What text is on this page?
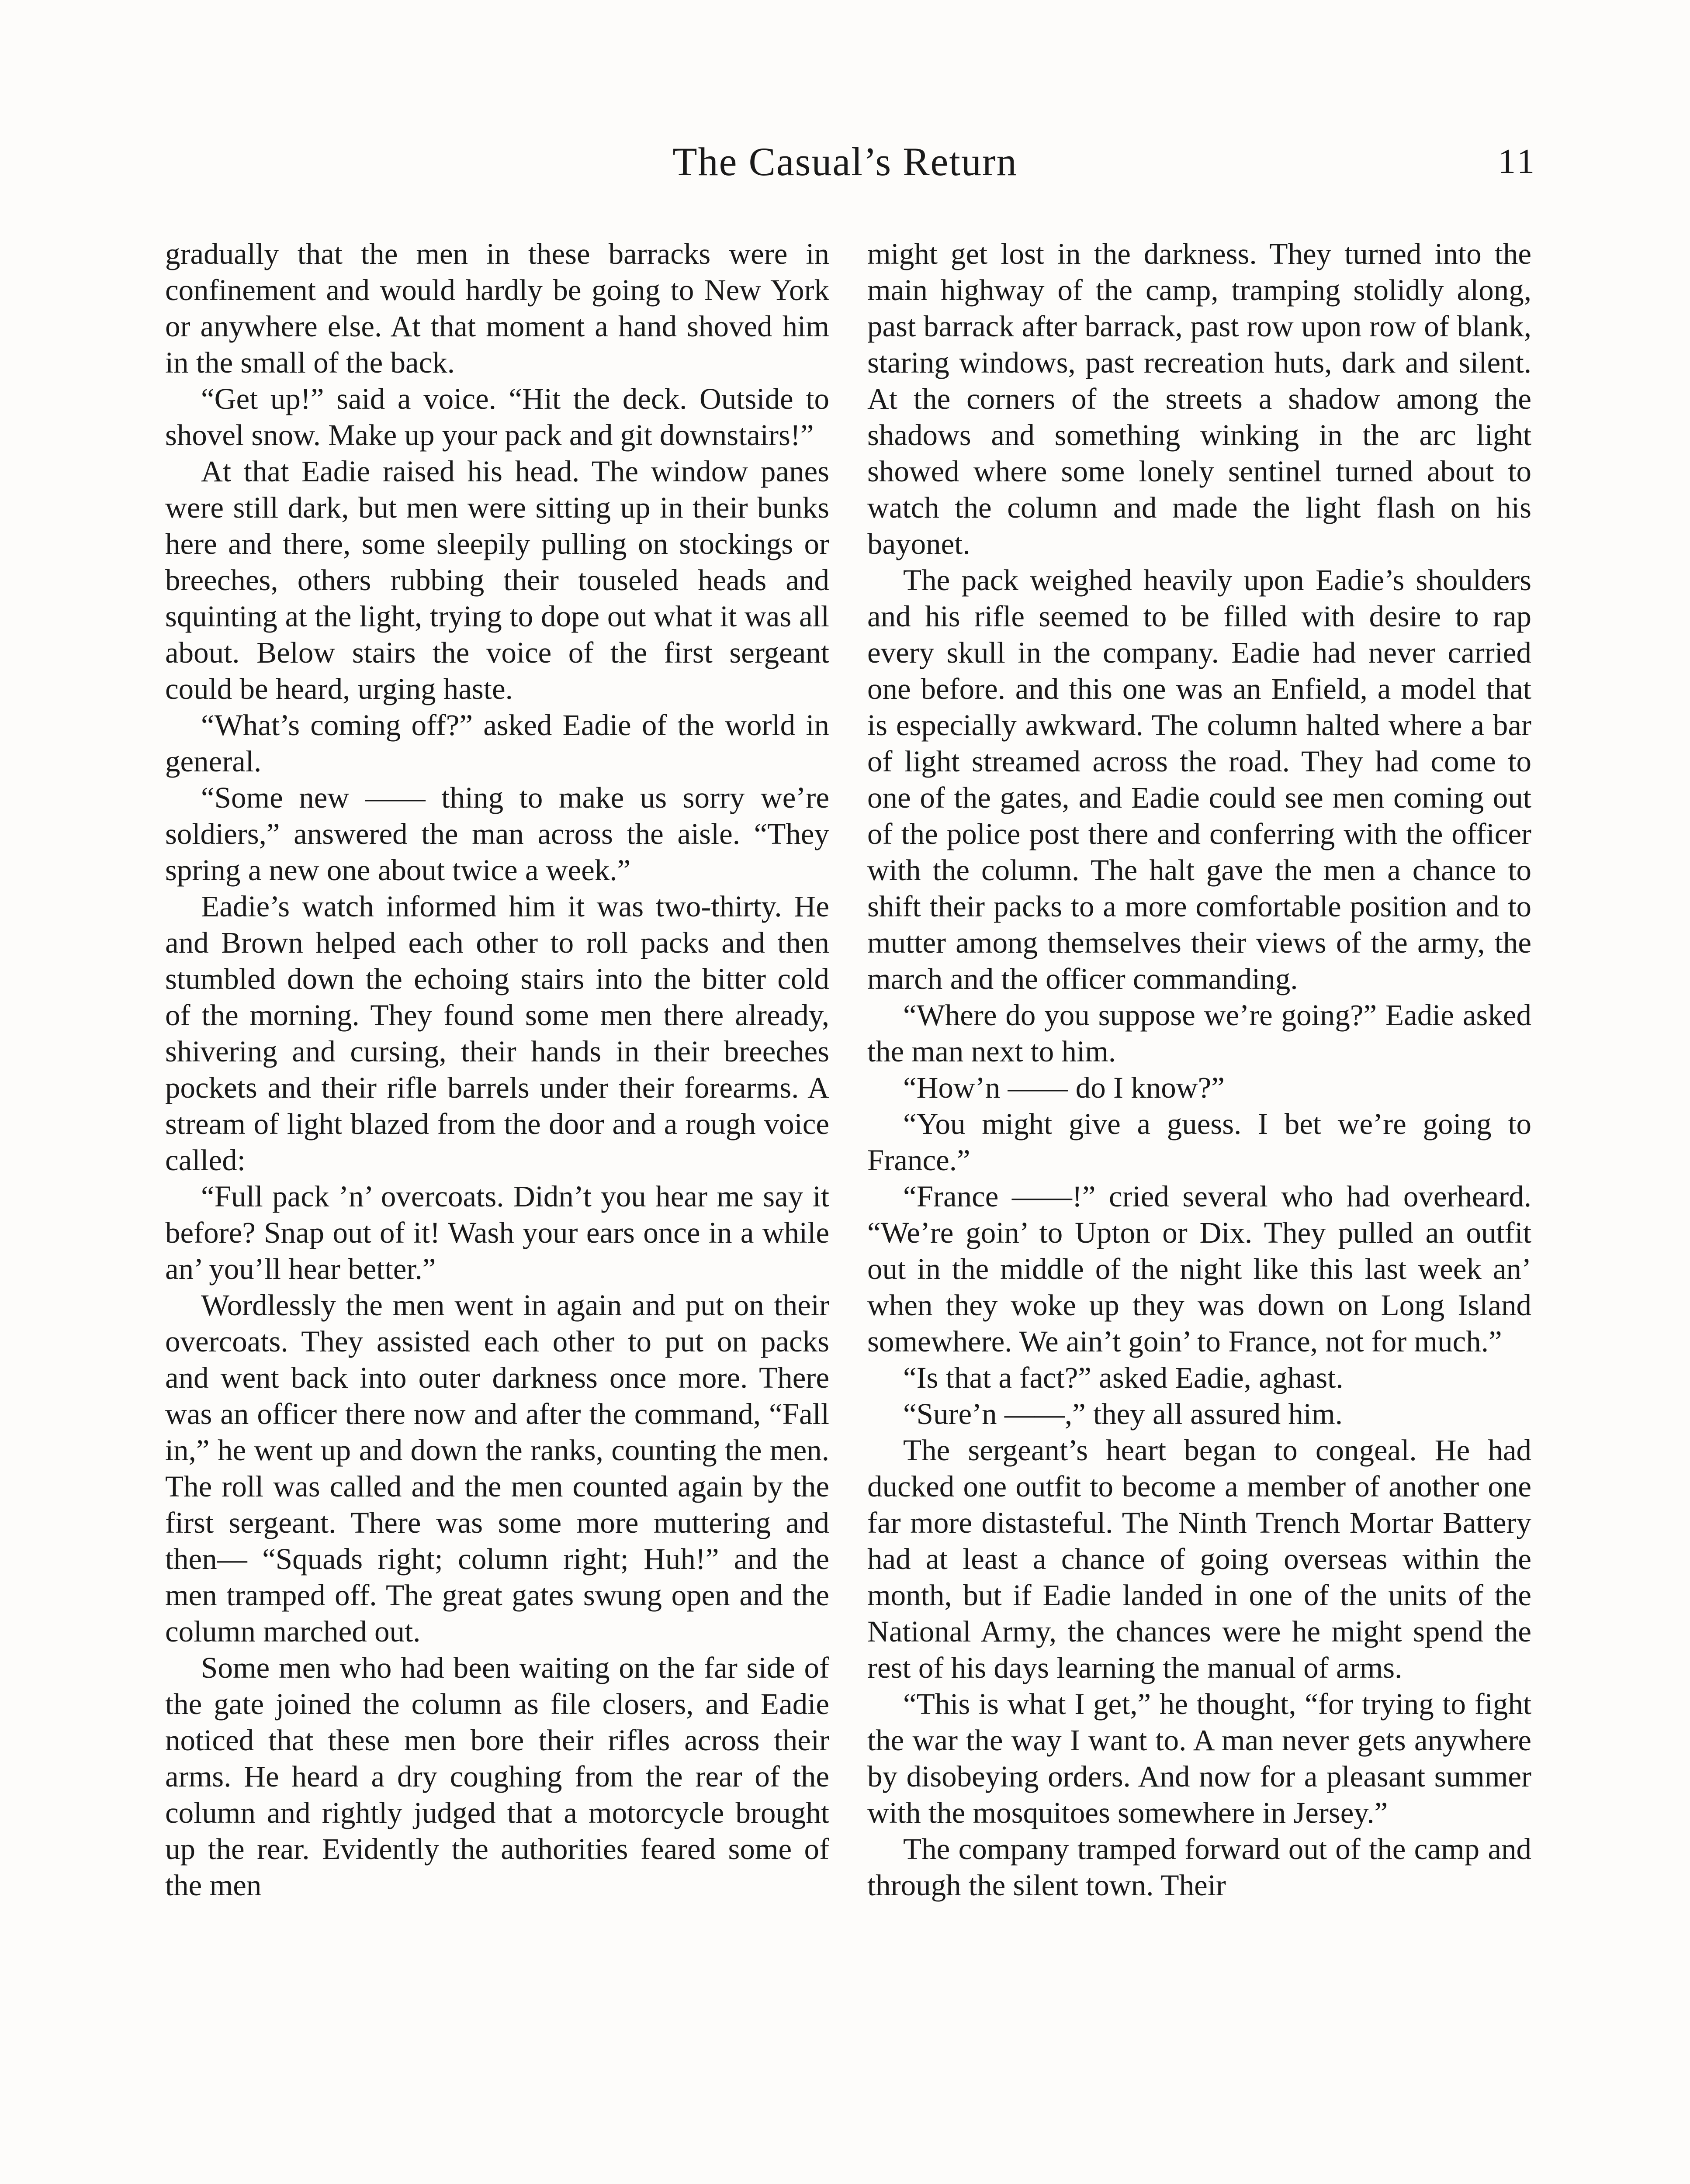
The Casual’s Return	11

gradually that the men in these barracks were in confinement and would hardly be going to New York or anywhere else. At that moment a hand shoved him in the small of the back.

“Get up!” said a voice. “Hit the deck. Outside to shovel snow. Make up your pack and git downstairs!”

At that Eadie raised his head. The window panes were still dark, but men were sitting up in their bunks here and there, some sleepily pulling on stockings or breeches, others rubbing their touseled heads and squinting at the light, trying to dope out what it was all about. Below stairs the voice of the first sergeant could be heard, urging haste.

“What’s coming off?” asked Eadie of the world in general.

“Some new —— thing to make us sorry we’re soldiers,” answered the man across the aisle. “They spring a new one about twice a week.”

Eadie’s watch informed him it was two-thirty. He and Brown helped each other to roll packs and then stumbled down the echoing stairs into the bitter cold of the morning. They found some men there already, shivering and cursing, their hands in their breeches pockets and their rifle barrels under their forearms. A stream of light blazed from the door and a rough voice called:

“Full pack ’n’ overcoats. Didn’t you hear me say it before? Snap out of it! Wash your ears once in a while an’ you’ll hear better.”

Wordlessly the men went in again and put on their overcoats. They assisted each other to put on packs and went back into outer darkness once more. There was an officer there now and after the command, “Fall in,” he went up and down the ranks, counting the men. The roll was called and the men counted again by the first sergeant. There was some more muttering and then— “Squads right; column right; Huh!” and the men tramped off. The great gates swung open and the column marched out.

Some men who had been waiting on the far side of the gate joined the column as file closers, and Eadie noticed that these men bore their rifles across their arms. He heard a dry coughing from the rear of the column and rightly judged that a motorcycle brought up the rear. Evidently the authorities feared some of the men

might get lost in the darkness. They turned into the main highway of the camp, tramping stolidly along, past barrack after barrack, past row upon row of blank, staring windows, past recreation huts, dark and silent. At the corners of the streets a shadow among the shadows and something winking in the arc light showed where some lonely sentinel turned about to watch the column and made the light flash on his bayonet.

The pack weighed heavily upon Eadie’s shoulders and his rifle seemed to be filled with desire to rap every skull in the company. Eadie had never carried one before. and this one was an Enfield, a model that is especially awkward. The column halted where a bar of light streamed across the road. They had come to one of the gates, and Eadie could see men coming out of the police post there and conferring with the officer with the column. The halt gave the men a chance to shift their packs to a more comfortable position and to mutter among themselves their views of the army, the march and the officer commanding.

“Where do you suppose we’re going?” Eadie asked the man next to him.

“How’n —— do I know?”

“You might give a guess. I bet we’re going to France.”

“France ——!” cried several who had overheard. “We’re goin’ to Upton or Dix. They pulled an outfit out in the middle of the night like this last week an’ when they woke up they was down on Long Island somewhere. We ain’t goin’ to France, not for much.”

“Is that a fact?” asked Eadie, aghast.

“Sure’n ——,” they all assured him.

The sergeant’s heart began to congeal. He had ducked one outfit to become a member of another one far more distasteful. The Ninth Trench Mortar Battery had at least a chance of going overseas within the month, but if Eadie landed in one of the units of the National Army, the chances were he might spend the rest of his days learning the manual of arms.

“This is what I get,” he thought, “for trying to fight the war the way I want to. A man never gets anywhere by disobeying orders. And now for a pleasant summer with the mosquitoes somewhere in Jersey.”

The company tramped forward out of the camp and through the silent town. Their
